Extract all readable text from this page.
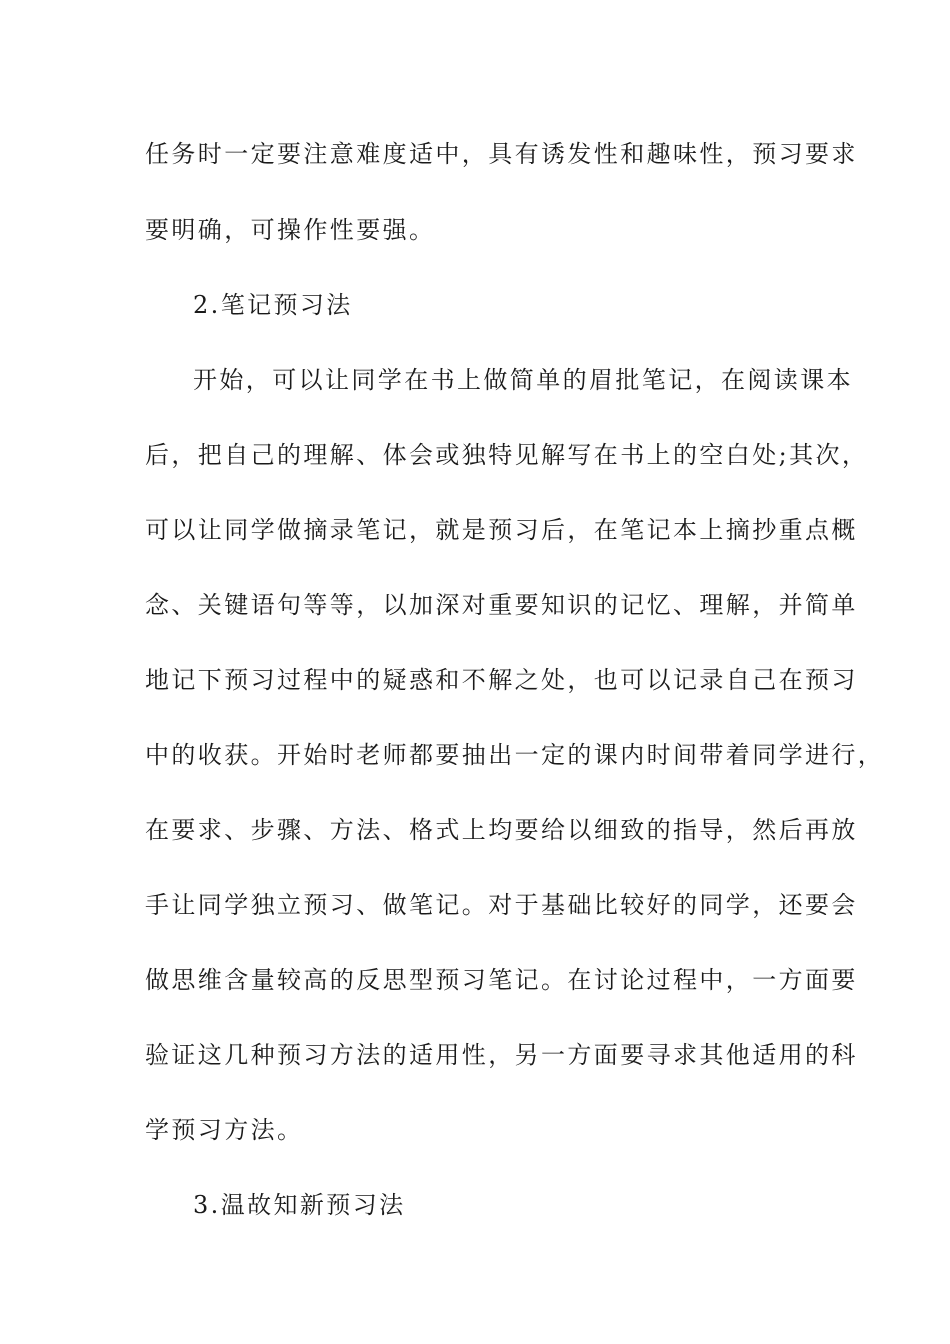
任务时一定要注意难度适中，具有诱发性和趣味性，预习要求
要明确，可操作性要强。
2.笔记预习法
开始，可以让同学在书上做简单的眉批笔记，在阅读课本
后，把自己的理解、体会或独特见解写在书上的空白处;其次，
可以让同学做摘录笔记，就是预习后，在笔记本上摘抄重点概
念、关键语句等等，以加深对重要知识的记忆、理解，并简单
地记下预习过程中的疑惑和不解之处，也可以记录自己在预习
中的收获。开始时老师都要抽出一定的课内时间带着同学进行，
在要求、步骤、方法、格式上均要给以细致的指导，然后再放
手让同学独立预习、做笔记。对于基础比较好的同学，还要会
做思维含量较高的反思型预习笔记。在讨论过程中，一方面要
验证这几种预习方法的适用性，另一方面要寻求其他适用的科
学预习方法。
3.温故知新预习法
